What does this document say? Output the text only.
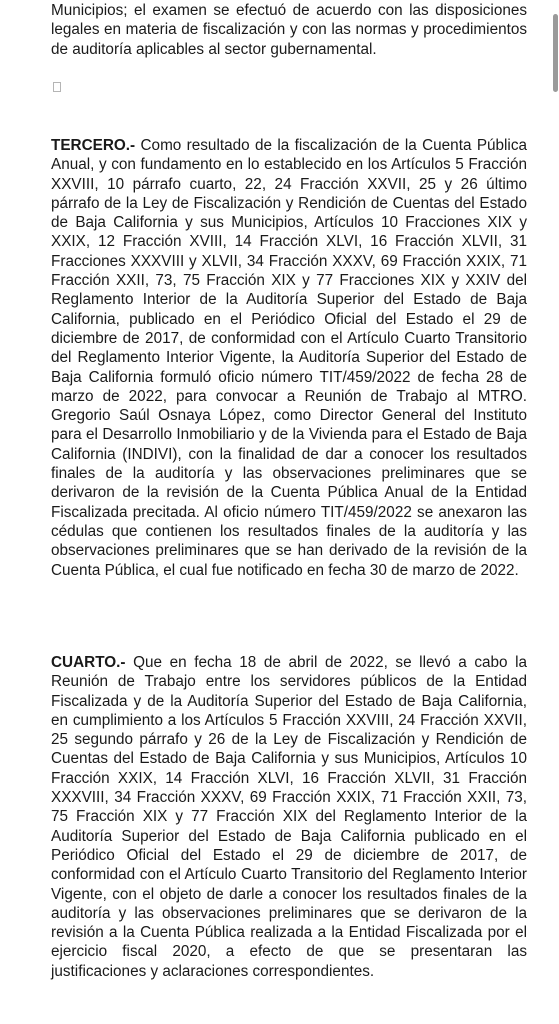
Municipios; el examen se efectuó de acuerdo con las disposiciones legales en materia de fiscalización y con las normas y procedimientos de auditoría aplicables al sector gubernamental.

TERCERO.- Como resultado de la fiscalización de la Cuenta Pública Anual, y con fundamento en lo establecido en los Artículos 5 Fracción XXVIII, 10 párrafo cuarto, 22, 24 Fracción XXVII, 25 y 26 último párrafo de la Ley de Fiscalización y Rendición de Cuentas del Estado de Baja California y sus Municipios, Artículos 10 Fracciones XIX y XXIX, 12 Fracción XVIII, 14 Fracción XLVI, 16 Fracción XLVII, 31 Fracciones XXXVIII y XLVII, 34 Fracción XXXV, 69 Fracción XXIX, 71 Fracción XXII, 73, 75 Fracción XIX y 77 Fracciones XIX y XXIV del Reglamento Interior de la Auditoría Superior del Estado de Baja California, publicado en el Periódico Oficial del Estado el 29 de diciembre de 2017, de conformidad con el Artículo Cuarto Transitorio del Reglamento Interior Vigente, la Auditoría Superior del Estado de Baja California formuló oficio número TIT/459/2022 de fecha 28 de marzo de 2022, para convocar a Reunión de Trabajo al MTRO. Gregorio Saúl Osnaya López, como Director General del Instituto para el Desarrollo Inmobiliario y de la Vivienda para el Estado de Baja California (INDIVI), con la finalidad de dar a conocer los resultados finales de la auditoría y las observaciones preliminares que se derivaron de la revisión de la Cuenta Pública Anual de la Entidad Fiscalizada precitada. Al oficio número TIT/459/2022 se anexaron las cédulas que contienen los resultados finales de la auditoría y las observaciones preliminares que se han derivado de la revisión de la Cuenta Pública, el cual fue notificado en fecha 30 de marzo de 2022.

CUARTO.- Que en fecha 18 de abril de 2022, se llevó a cabo la Reunión de Trabajo entre los servidores públicos de la Entidad Fiscalizada y de la Auditoría Superior del Estado de Baja California, en cumplimiento a los Artículos 5 Fracción XXVIII, 24 Fracción XXVII, 25 segundo párrafo y 26 de la Ley de Fiscalización y Rendición de Cuentas del Estado de Baja California y sus Municipios, Artículos 10 Fracción XXIX, 14 Fracción XLVI, 16 Fracción XLVII, 31 Fracción XXXVIII, 34 Fracción XXXV, 69 Fracción XXIX, 71 Fracción XXII, 73, 75 Fracción XIX y 77 Fracción XIX del Reglamento Interior de la Auditoría Superior del Estado de Baja California publicado en el Periódico Oficial del Estado el 29 de diciembre de 2017, de conformidad con el Artículo Cuarto Transitorio del Reglamento Interior Vigente, con el objeto de darle a conocer los resultados finales de la auditoría y las observaciones preliminares que se derivaron de la revisión a la Cuenta Pública realizada a la Entidad Fiscalizada por el ejercicio fiscal 2020, a efecto de que se presentaran las justificaciones y aclaraciones correspondientes.
